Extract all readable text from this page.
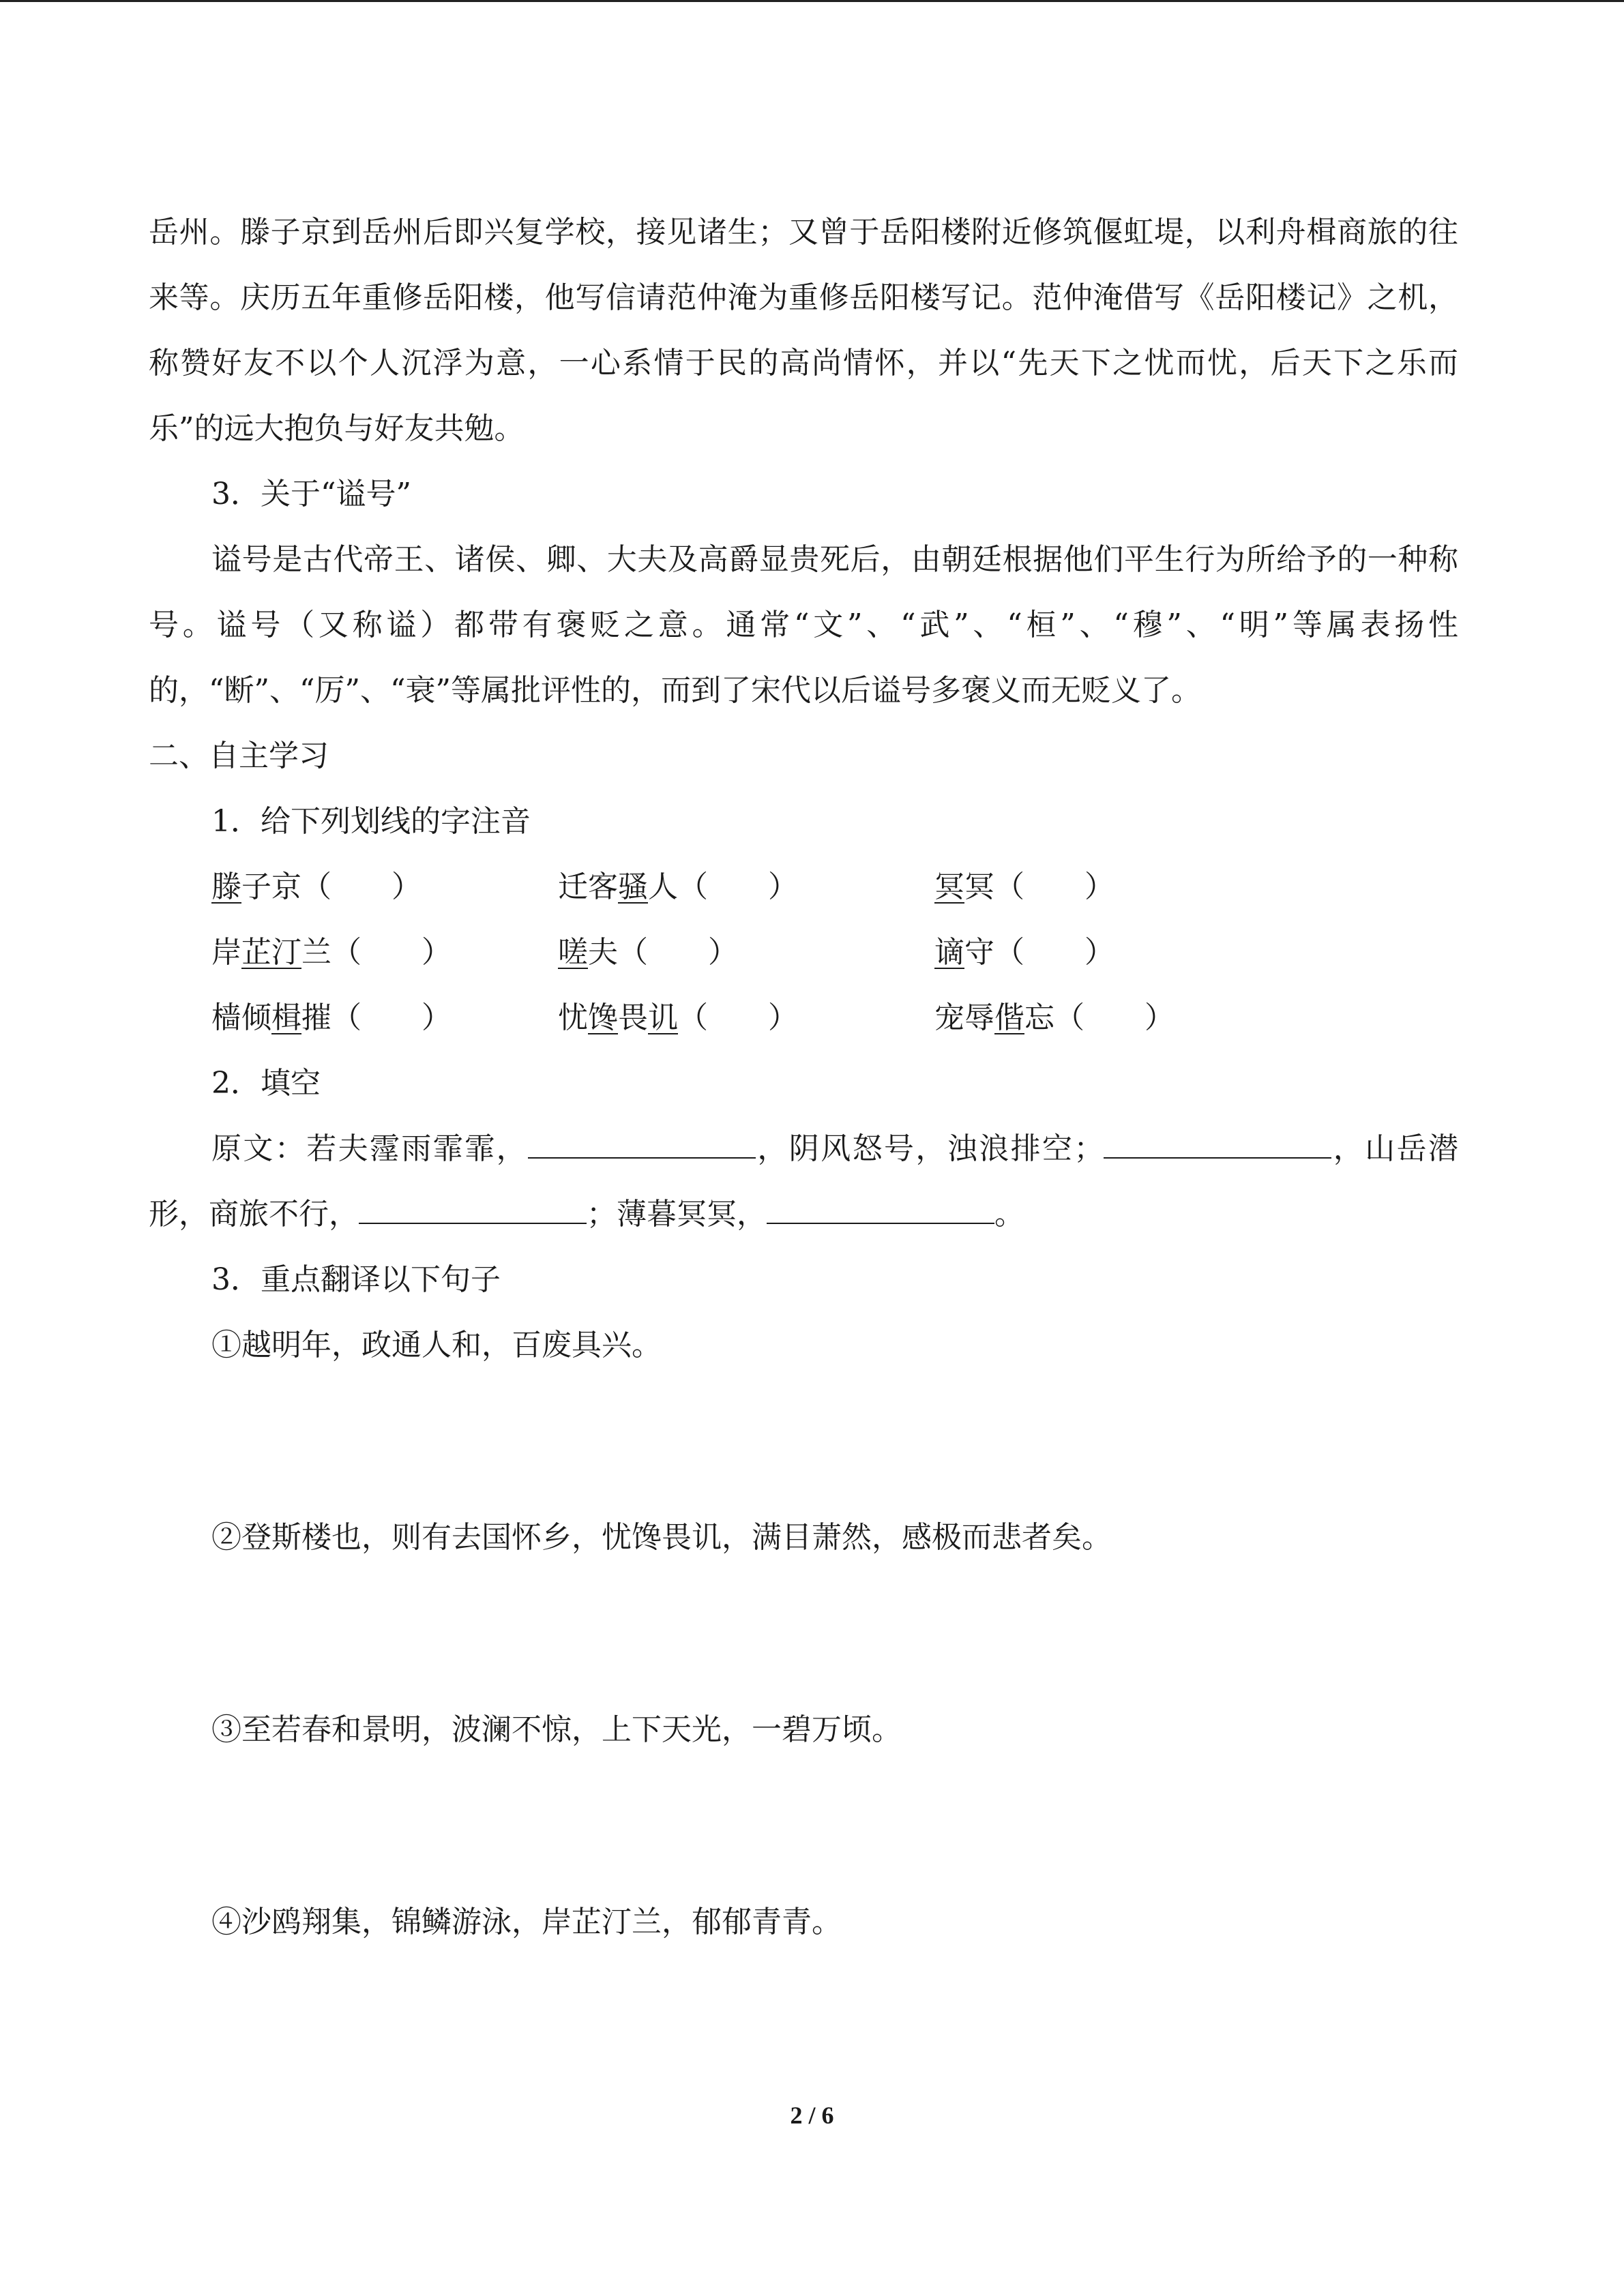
岳州。滕子京到岳州后即兴复学校，接见诸生；又曾于岳阳楼附近修筑偃虹堤，以利舟楫商旅的往来等。庆历五年重修岳阳楼，他写信请范仲淹为重修岳阳楼写记。范仲淹借写《岳阳楼记》之机，称赞好友不以个人沉浮为意，一心系情于民的高尚情怀，并以“先天下之忧而忧，后天下之乐而乐”的远大抱负与好友共勉。

3．关于“谥号”

谥号是古代帝王、诸侯、卿、大夫及高爵显贵死后，由朝廷根据他们平生行为所给予的一种称号。谥号（又称谥）都带有褒贬之意。通常“文”、“武”、“桓”、“穆”、“明”等属表扬性的，“断”、“厉”、“衰”等属批评性的，而到了宋代以后谥号多褒义而无贬义了。

二、自主学习

1．给下列划线的字注音

滕子京（　　）	迁客骚人（　　）	冥冥（　　）
岸芷汀兰（　　）	嗟夫（　　）	谪守（　　）
樯倾楫摧（　　）	忧馋畏讥（　　）	宠辱偕忘（　　）

2．填空

原文：若夫霪雨霏霏，	，阴风怒号，浊浪排空；	，山岳潜形，商旅不行，	；薄暮冥冥，	。

3．重点翻译以下句子

①越明年，政通人和，百废具兴。

②登斯楼也，则有去国怀乡，忧馋畏讥，满目萧然，感极而悲者矣。

③至若春和景明，波澜不惊，上下天光，一碧万顷。

④沙鸥翔集，锦鳞游泳，岸芷汀兰，郁郁青青。

2 / 6
